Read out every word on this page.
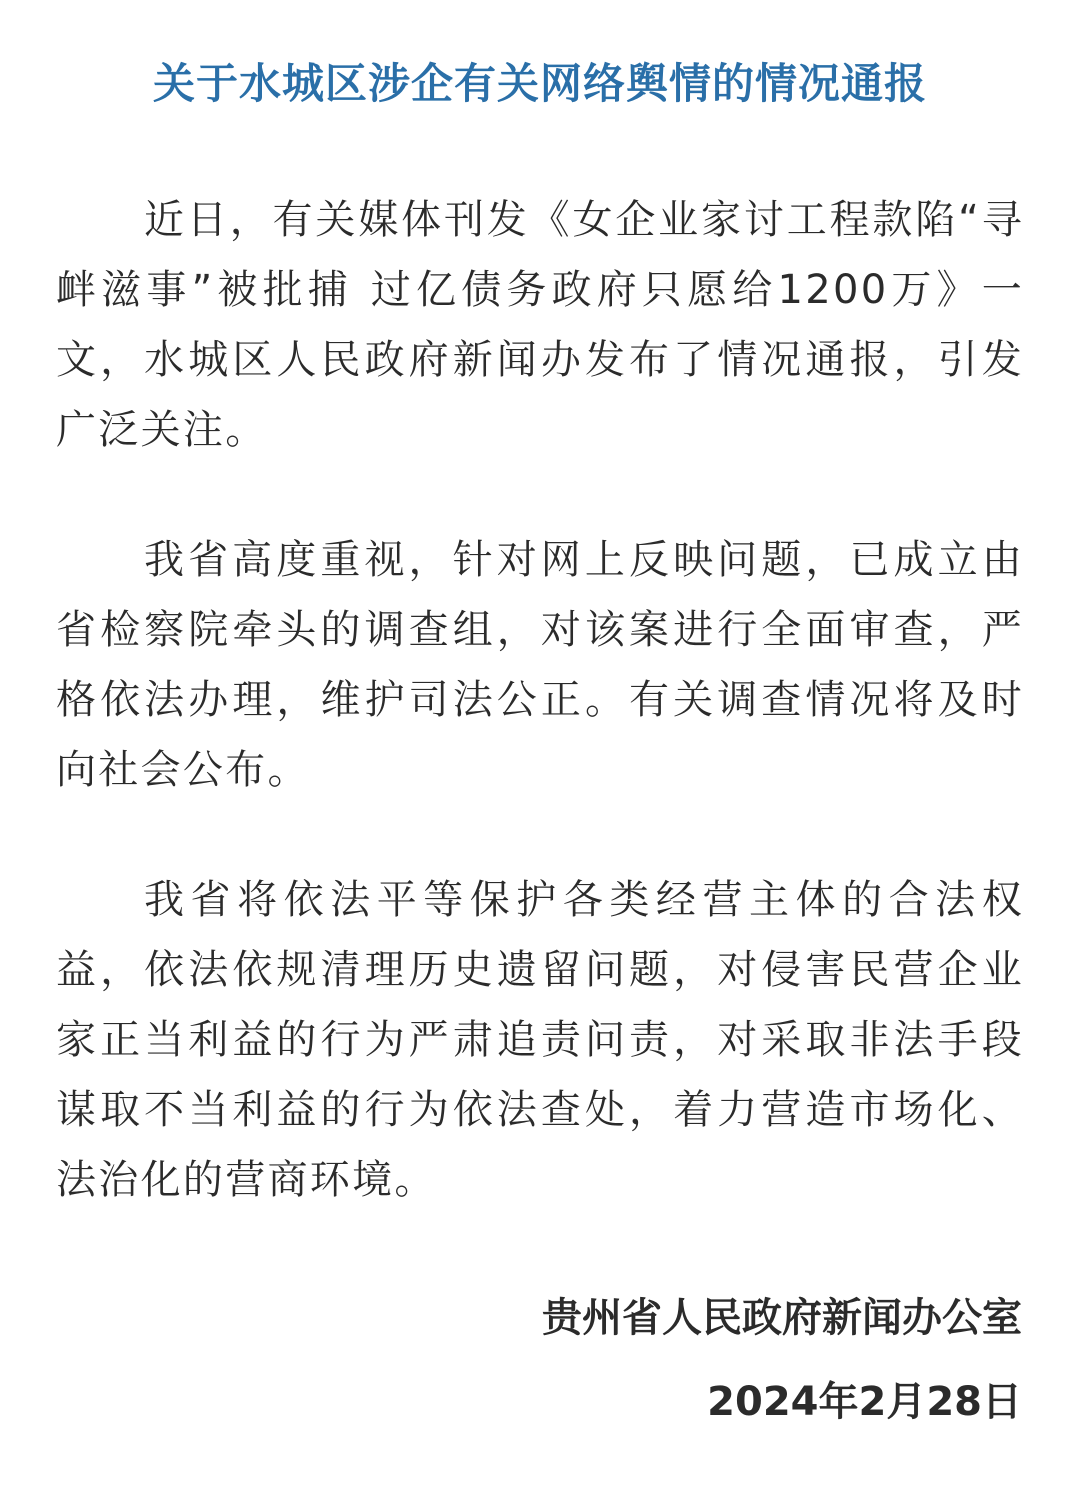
关于水城区涉企有关网络舆情的情况通报
近日，有关媒体刊发《女企业家讨工程款陷“寻衅滋事”被批捕 过亿债务政府只愿给1200万》一文，水城区人民政府新闻办发布了情况通报，引发广泛关注。
我省高度重视，针对网上反映问题，已成立由省检察院牵头的调查组，对该案进行全面审查，严格依法办理，维护司法公正。有关调查情况将及时向社会公布。
我省将依法平等保护各类经营主体的合法权益，依法依规清理历史遗留问题，对侵害民营企业家正当利益的行为严肃追责问责，对采取非法手段谋取不当利益的行为依法查处，着力营造市场化、法治化的营商环境。
贵州省人民政府新闻办公室
2024年2月28日
